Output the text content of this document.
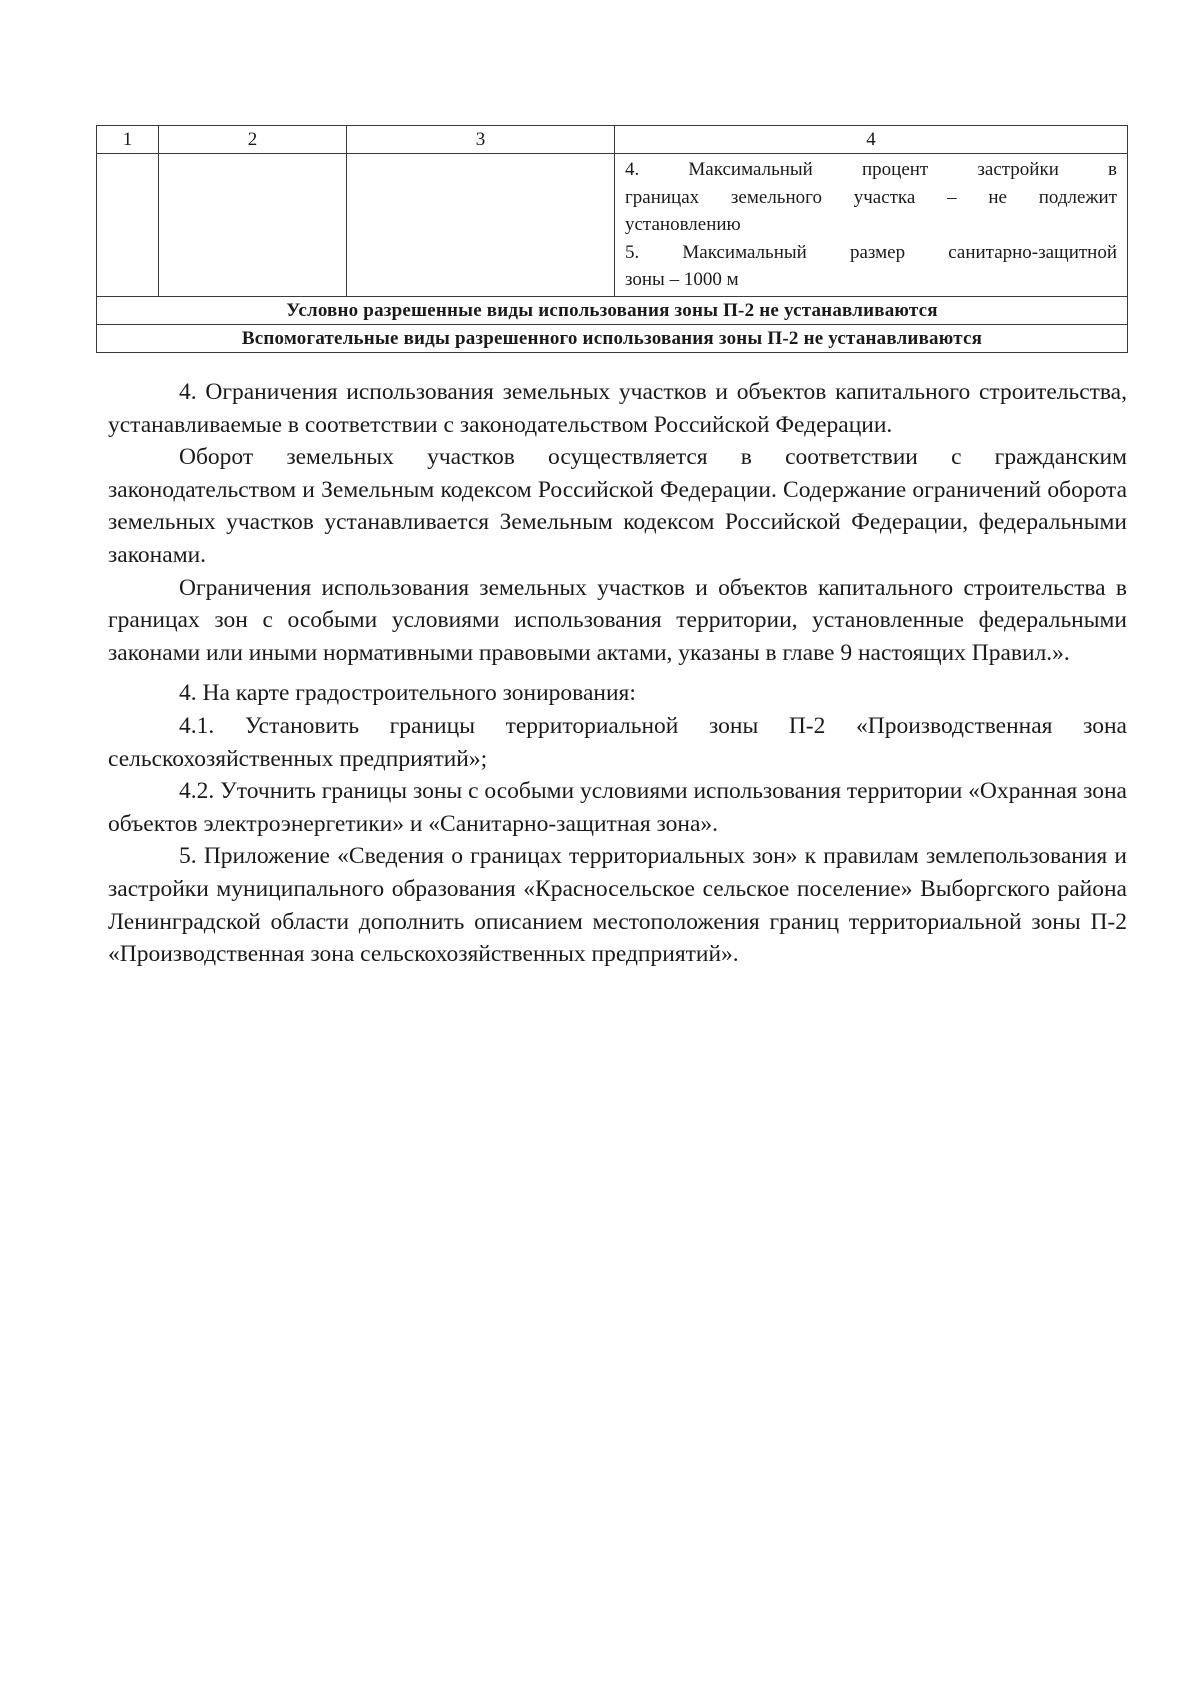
1	2	3	4

			4. Максимальный процент застройки в
границах земельного участка – не подлежит
установлению
5. Максимальный размер санитарно-защитной
зоны – 1000 м

Условно разрешенные виды использования зоны П-2 не устанавливаются			
Вспомогательные виды разрешенного использования зоны П-2 не устанавливаются			

4. Ограничения использования земельных участков и объектов капитального строительства, устанавливаемые в соответствии с законодательством Российской Федерации.

Оборот земельных участков осуществляется в соответствии с гражданским законодательством и Земельным кодексом Российской Федерации. Содержание ограничений оборота земельных участков устанавливается Земельным кодексом Российской Федерации, федеральными законами.

Ограничения использования земельных участков и объектов капитального строительства в границах зон с особыми условиями использования территории, установленные федеральными законами или иными нормативными правовыми актами, указаны в главе 9 настоящих Правил.».

4. На карте градостроительного зонирования:

4.1. Установить границы территориальной зоны П-2 «Производственная зона сельскохозяйственных предприятий»;

4.2. Уточнить границы зоны с особыми условиями использования территории «Охранная зона объектов электроэнергетики» и «Санитарно-защитная зона».

5. Приложение «Сведения о границах территориальных зон» к правилам землепользования и застройки муниципального образования «Красносельское сельское поселение» Выборгского района Ленинградской области дополнить описанием местоположения границ территориальной зоны П-2 «Производственная зона сельскохозяйственных предприятий».
